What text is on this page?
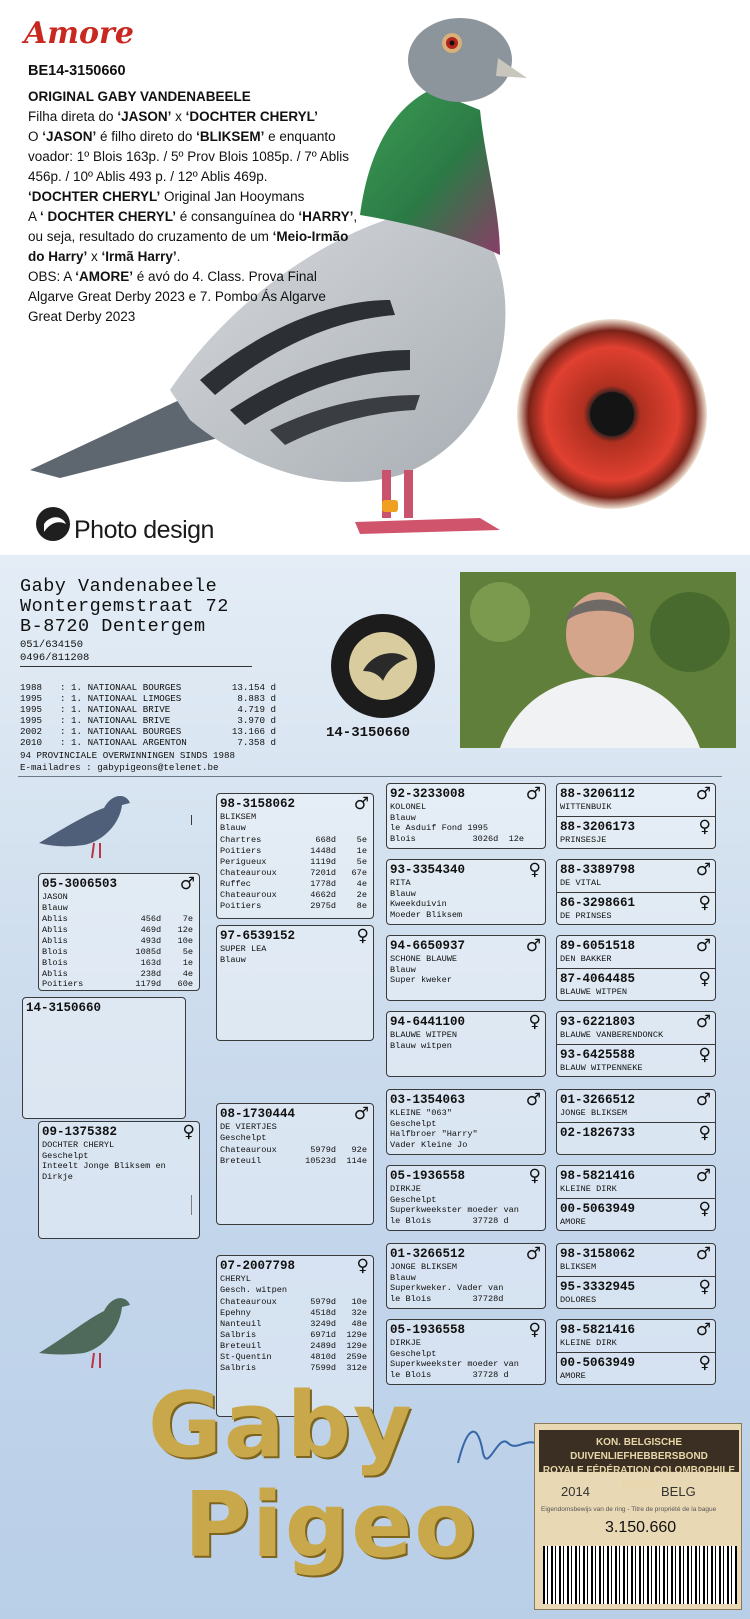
Amore
BE14-3150660
ORIGINAL GABY VANDENABEELE
Filha direta do ‘JASON’ x ‘DOCHTER CHERYL’
O ‘JASON’ é filho direto do ‘BLIKSEM’ e enquanto voador: 1º Blois 163p. / 5º Prov Blois 1085p. / 7º Ablis 456p. / 10º Ablis 493 p. / 12º Ablis 469p.
‘DOCHTER CHERYL’ Original Jan Hooymans
A ‘ DOCHTER CHERYL’ é consanguínea do ‘HARRY’, ou seja, resultado do cruzamento de um ‘Meio-Irmão do Harry’ x ‘Irmã Harry’.
OBS: A ‘AMORE’ é avó do 4. Class. Prova Final Algarve Great Derby 2023 e 7. Pombo Ás Algarve Great Derby 2023
Photo design
Gaby Vandenabeele
Wontergemstraat 72
B-8720 Dentergem
051/634150
0496/811208
1988	: 1. NATIONAAL BOURGES	13.154 d
1995	: 1. NATIONAAL LIMOGES	8.883 d
1995	: 1. NATIONAAL BRIVE	4.719 d
1995	: 1. NATIONAAL BRIVE	3.970 d
2002	: 1. NATIONAAL BOURGES	13.166 d
2010	: 1. NATIONAAL ARGENTON	7.358 d
94 PROVINCIALE OVERWINNINGEN SINDS 1988
E-mailadres : gabypigeons@telenet.be
14-3150660
14-3150660
05-3006503	♂
JASON
Blauw
Ablis	456d	7e
Ablis	469d	12e
Ablis	493d	10e
Blois	1085d	5e
Blois	163d	1e
Ablis	238d	4e
Poitiers	1179d	60e
09-1375382	♀
DOCHTER CHERYL
Geschelpt
Inteelt Jonge Bliksem en
Dirkje
98-3158062	♂
BLIKSEM
Blauw
Chartres	668d	5e
Poitiers	1448d	1e
Perigueux	1119d	5e
Chateauroux	7201d	67e
Ruffec	1778d	4e
Chateauroux	4662d	2e
Poitiers	2975d	8e
97-6539152	♀
SUPER LEA
Blauw
08-1730444	♂
DE VIERTJES
Geschelpt
Chateauroux	5979d	92e
Breteuil	10523d	114e
07-2007798	♀
CHERYL
Gesch. witpen
Chateauroux	5979d	10e
Epehny	4518d	32e
Nanteuil	3249d	48e
Salbris	6971d	129e
Breteuil	2489d	129e
St-Quentin	4810d	259e
Salbris	7599d	312e
92-3233008	♂
KOLONEL
Blauw
le Asduif Fond 1995
Blois           3026d  12e
93-3354340	♀
RITA
Blauw
Kweekduivin
Moeder Bliksem
94-6650937	♂
SCHONE BLAUWE
Blauw
Super kweker
94-6441100	♀
BLAUWE WITPEN
Blauw witpen
03-1354063	♂
KLEINE "063"
Geschelpt
Halfbroer "Harry"
Vader Kleine Jo
05-1936558	♀
DIRKJE
Geschelpt
Superkweekster moeder van
le Blois        37728 d
01-3266512	♂
JONGE BLIKSEM
Blauw
Superkweker. Vader van
le Blois        37728d
05-1936558	♀
DIRKJE
Geschelpt
Superkweekster moeder van
le Blois        37728 d
88-3206112	♂
WITTENBUIK
88-3206173	♀
PRINSESJE
88-3389798	♂
DE VITAL
86-3298661	♀
DE PRINSES
89-6051518	♂
DEN BAKKER
87-4064485	♀
BLAUWE WITPEN
93-6221803	♂
BLAUWE VANBERENDONCK
93-6425588	♀
BLAUW WITPENNEKE
01-3266512	♂
JONGE BLIKSEM
02-1826733	♀
98-5821416	♂
KLEINE DIRK
00-5063949	♀
AMORE
98-3158062	♂
BLIKSEM
95-3332945	♀
DOLORES
98-5821416	♂
KLEINE DIRK
00-5063949	♀
AMORE
Gaby
Pigeo
KON. BELGISCHE DUIVENLIEFHEBBERSBOND
ROYALE FÉDÉRATION COLOMBOPHILE BELGE
2014	BELG
Eigendomsbewijs van de ring - Titre de propriété de la bague
3.150.660
